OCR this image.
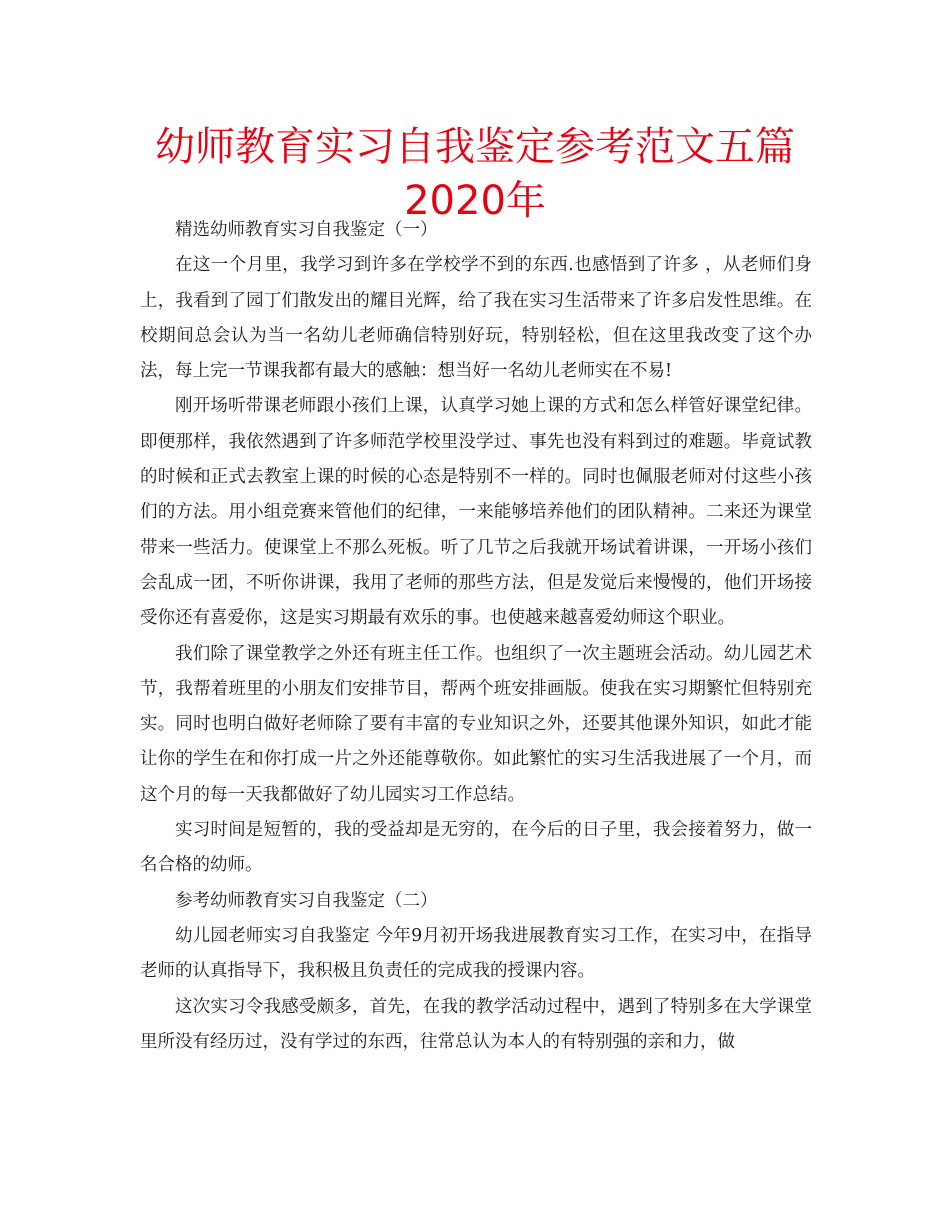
幼师教育实习自我鉴定参考范文五篇2020年

精选幼师教育实习自我鉴定（一）

在这一个月里，我学习到许多在学校学不到的东西.也感悟到了许多 ，从老师们身上，我看到了园丁们散发出的耀目光辉，给了我在实习生活带来了许多启发性思维。在校期间总会认为当一名幼儿老师确信特别好玩，特别轻松，但在这里我改变了这个办法，每上完一节课我都有最大的感触：想当好一名幼儿老师实在不易!

刚开场听带课老师跟小孩们上课，认真学习她上课的方式和怎么样管好课堂纪律。即便那样，我依然遇到了许多师范学校里没学过、事先也没有料到过的难题。毕竟试教的时候和正式去教室上课的时候的心态是特别不一样的。同时也佩服老师对付这些小孩们的方法。用小组竞赛来管他们的纪律，一来能够培养他们的团队精神。二来还为课堂带来一些活力。使课堂上不那么死板。听了几节之后我就开场试着讲课，一开场小孩们会乱成一团，不听你讲课，我用了老师的那些方法，但是发觉后来慢慢的，他们开场接受你还有喜爱你，这是实习期最有欢乐的事。也使越来越喜爱幼师这个职业。

我们除了课堂教学之外还有班主任工作。也组织了一次主题班会活动。幼儿园艺术节，我帮着班里的小朋友们安排节目，帮两个班安排画版。使我在实习期繁忙但特别充实。同时也明白做好老师除了要有丰富的专业知识之外，还要其他课外知识，如此才能让你的学生在和你打成一片之外还能尊敬你。如此繁忙的实习生活我进展了一个月，而这个月的每一天我都做好了幼儿园实习工作总结。

实习时间是短暂的，我的受益却是无穷的，在今后的日子里，我会接着努力，做一名合格的幼师。

参考幼师教育实习自我鉴定（二）

幼儿园老师实习自我鉴定 今年9月初开场我进展教育实习工作，在实习中，在指导老师的认真指导下，我积极且负责任的完成我的授课内容。

这次实习令我感受颇多，首先，在我的教学活动过程中，遇到了特别多在大学课堂里所没有经历过，没有学过的东西，往常总认为本人的有特别强的亲和力，做
